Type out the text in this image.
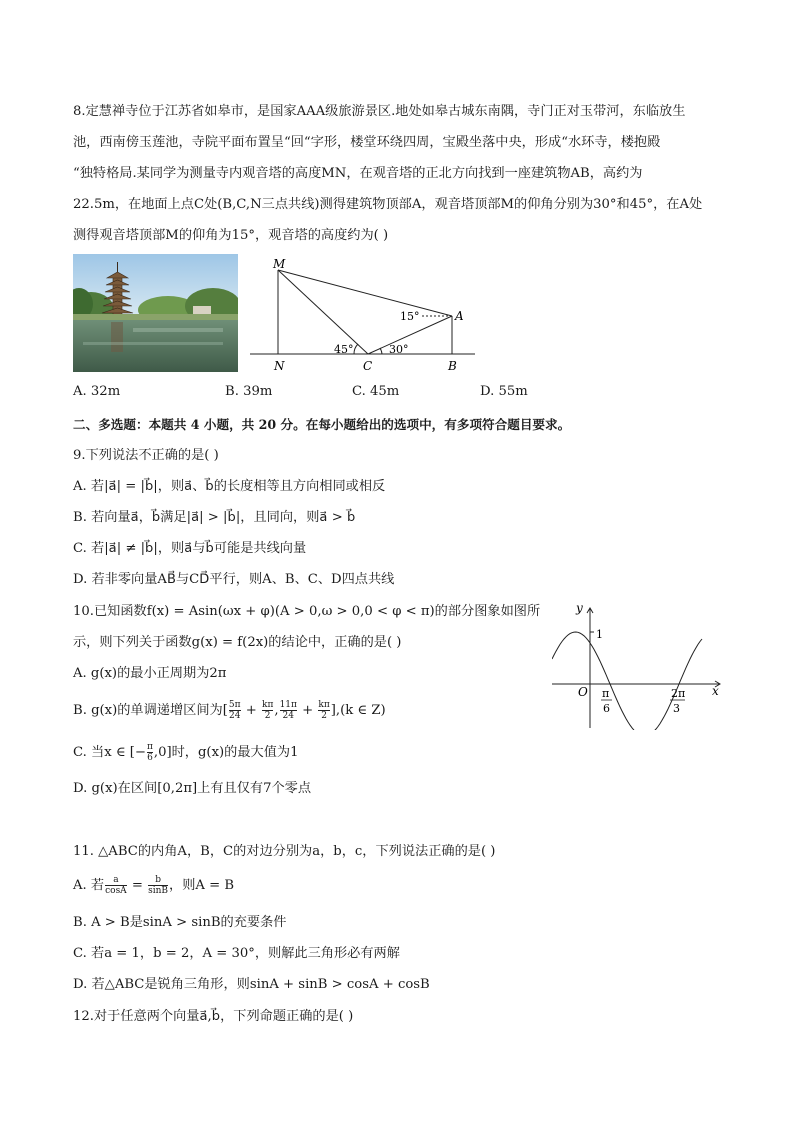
8.定慧禅寺位于江苏省如皋市，是国家AAA级旅游景区.地处如皋古城东南隅，寺门正对玉带河，东临放生
池，西南傍玉莲池，寺院平面布置呈“回“字形，楼堂环绕四周，宝殿坐落中央，形成“水环寺，楼抱殿
“独特格局.某同学为测量寺内观音塔的高度MN，在观音塔的正北方向找到一座建筑物AB，高约为
22.5m，在地面上点C处(B,C,N三点共线)测得建筑物顶部A，观音塔顶部M的仰角分别为30°和45°，在A处
测得观音塔顶部M的仰角为15°，观音塔的高度约为( )
M
A
N	C	B
15°
45°	30°
A. 32m	B. 39m	C. 45m	D. 55m
二、多选题：本题共 4 小题，共 20 分。在每小题给出的选项中，有多项符合题目要求。
9.下列说法不正确的是( )
A. 若|a⃗| = |b⃗|，则a⃗、b⃗的长度相等且方向相同或相反
B. 若向量a⃗，b⃗满足|a⃗| > |b⃗|，且同向，则a⃗ > b⃗
C. 若|a⃗| ≠ |b⃗|，则a⃗与b⃗可能是共线向量
D. 若非零向量AB⃗与CD⃗平行，则A、B、C、D四点共线
10.已知函数f(x) = Asin(ωx + φ)(A > 0,ω > 0,0 < φ < π)的部分图象如图所
示，则下列关于函数g(x) = f(2x)的结论中，正确的是( )
A. g(x)的最小正周期为2π
B. g(x)的单调递增区间为[ $\frac{5\pi}{24} + \frac{k\pi}{2}$ , $\frac{11\pi}{24} + \frac{k\pi}{2} ],(k$ ∈ Z)
C. 当x ∈ [− $\frac{\pi}{6} ,0$]时，g(x)的最大值为1
D. g(x)在区间[0,2π]上有且仅有7个零点
y
1
O	x
π
6
2π
3
11. △ABC的内角A，B，C的对边分别为a，b，c，下列说法正确的是( )
A. 若 $\frac{a}{\cos A} = \frac{b}{\sin B}$ ，则A = B
B. A > B是sinA > sinB的充要条件
C. 若a = 1，b = 2，A = 30°，则解此三角形必有两解
D. 若△ABC是锐角三角形，则sinA + sinB > cosA + cosB
12.对于任意两个向量a⃗,b⃗，下列命题正确的是( )
